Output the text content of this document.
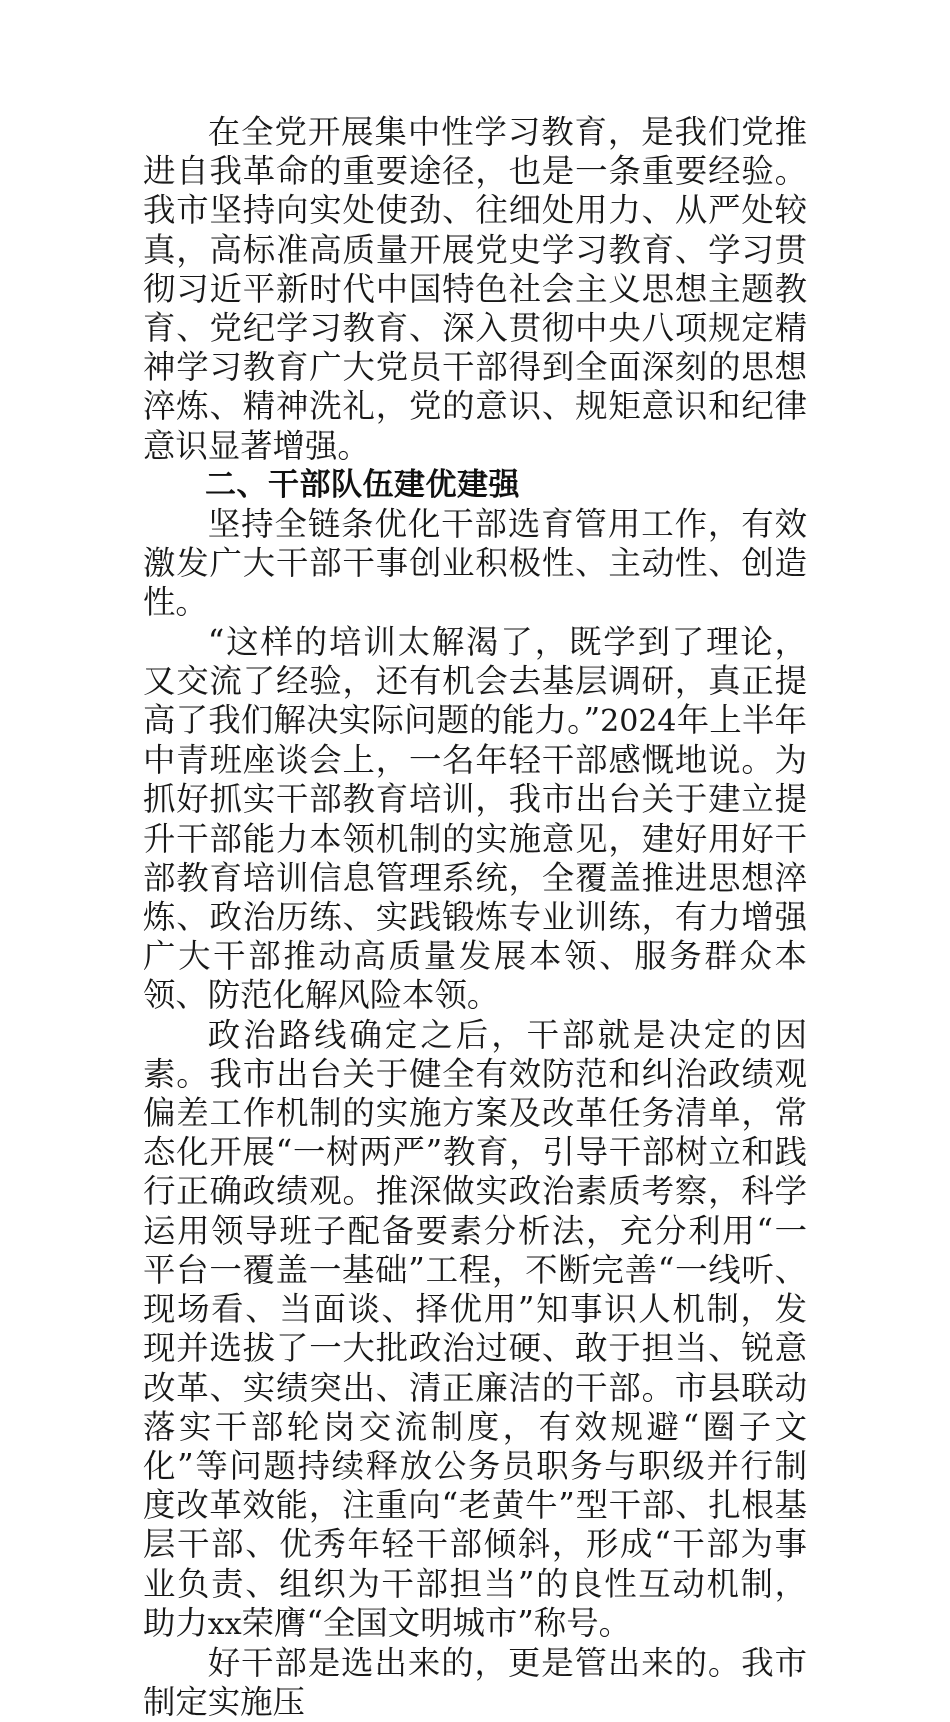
在全党开展集中性学习教育，是我们党推进自我革命的重要途径，也是一条重要经验。我市坚持向实处使劲、往细处用力、从严处较真，高标准高质量开展党史学习教育、学习贯彻习近平新时代中国特色社会主义思想主题教育、党纪学习教育、深入贯彻中央八项规定精神学习教育广大党员干部得到全面深刻的思想淬炼、精神洗礼，党的意识、规矩意识和纪律意识显著增强。

二、干部队伍建优建强

坚持全链条优化干部选育管用工作，有效激发广大干部干事创业积极性、主动性、创造性。

“这样的培训太解渴了，既学到了理论，又交流了经验，还有机会去基层调研，真正提高了我们解决实际问题的能力。”2024年上半年中青班座谈会上，一名年轻干部感慨地说。为抓好抓实干部教育培训，我市出台关于建立提升干部能力本领机制的实施意见，建好用好干部教育培训信息管理系统，全覆盖推进思想淬炼、政治历练、实践锻炼专业训练，有力增强广大干部推动高质量发展本领、服务群众本领、防范化解风险本领。

政治路线确定之后，干部就是决定的因素。我市出台关于健全有效防范和纠治政绩观偏差工作机制的实施方案及改革任务清单，常态化开展“一树两严”教育，引导干部树立和践行正确政绩观。推深做实政治素质考察，科学运用领导班子配备要素分析法，充分利用“一平台一覆盖一基础”工程，不断完善“一线听、现场看、当面谈、择优用”知事识人机制，发现并选拔了一大批政治过硬、敢于担当、锐意改革、实绩突出、清正廉洁的干部。市县联动落实干部轮岗交流制度，有效规避“圈子文化”等问题持续释放公务员职务与职级并行制度改革效能，注重向“老黄牛”型干部、扎根基层干部、优秀年轻干部倾斜，形成“干部为事业负责、组织为干部担当”的良性互动机制，助力xx荣膺“全国文明城市”称号。

好干部是选出来的，更是管出来的。我市制定实施压
